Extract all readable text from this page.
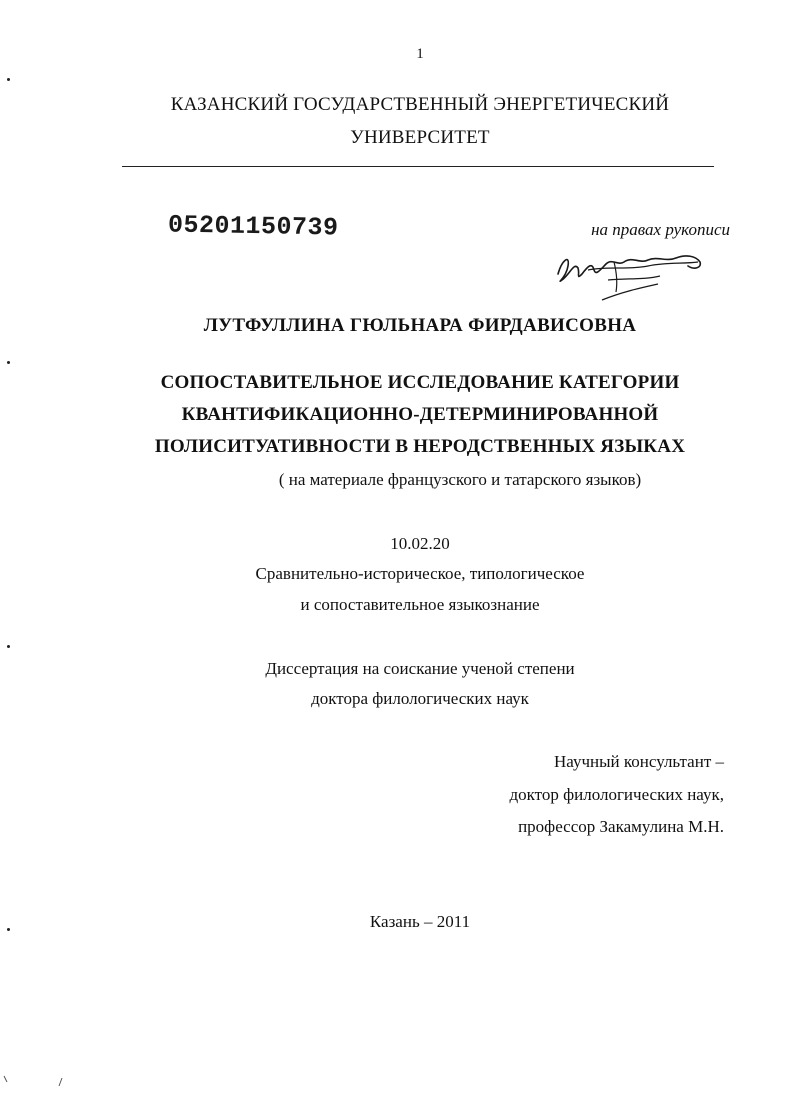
1
КАЗАНСКИЙ ГОСУДАРСТВЕННЫЙ ЭНЕРГЕТИЧЕСКИЙ
УНИВЕРСИТЕТ
05201150739	на правах рукописи
ЛУТФУЛЛИНА ГЮЛЬНАРА ФИРДАВИСОВНА
СОПОСТАВИТЕЛЬНОЕ ИССЛЕДОВАНИЕ КАТЕГОРИИ
КВАНТИФИКАЦИОННО-ДЕТЕРМИНИРОВАННОЙ
ПОЛИСИТУАТИВНОСТИ В НЕРОДСТВЕННЫХ ЯЗЫКАХ
( на материале французского и татарского языков)
10.02.20
Сравнительно-историческое, типологическое
и сопоставительное языкознание
Диссертация на соискание ученой степени
доктора филологических наук
Научный консультант –
доктор филологических наук,
профессор Закамулина М.Н.
Казань – 2011
